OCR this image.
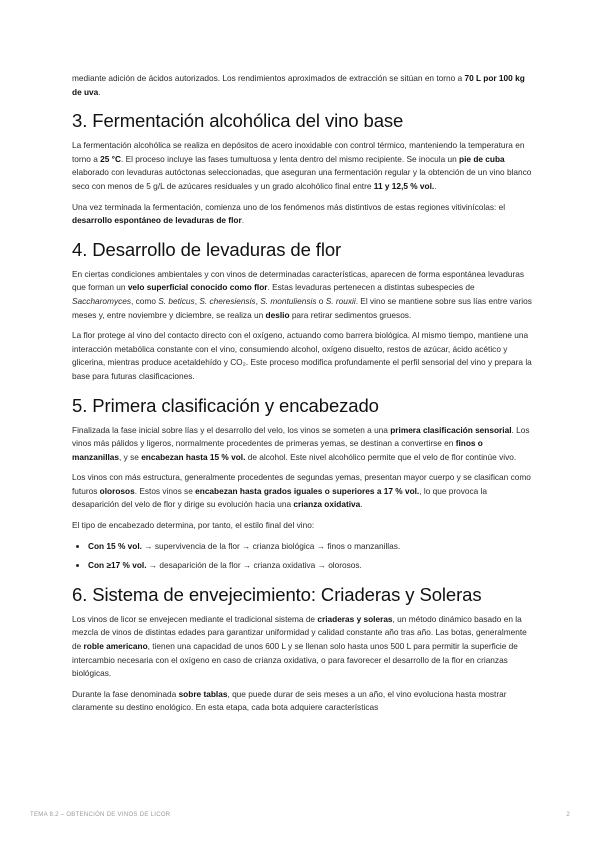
mediante adición de ácidos autorizados. Los rendimientos aproximados de extracción se sitúan en torno a 70 L por 100 kg de uva.

3. Fermentación alcohólica del vino base

La fermentación alcohólica se realiza en depósitos de acero inoxidable con control térmico, manteniendo la temperatura en torno a 25 °C. El proceso incluye las fases tumultuosa y lenta dentro del mismo recipiente. Se inocula un pie de cuba elaborado con levaduras autóctonas seleccionadas, que aseguran una fermentación regular y la obtención de un vino blanco seco con menos de 5 g/L de azúcares residuales y un grado alcohólico final entre 11 y 12,5 % vol..

Una vez terminada la fermentación, comienza uno de los fenómenos más distintivos de estas regiones vitivinícolas: el desarrollo espontáneo de levaduras de flor.

4. Desarrollo de levaduras de flor

En ciertas condiciones ambientales y con vinos de determinadas características, aparecen de forma espontánea levaduras que forman un velo superficial conocido como flor. Estas levaduras pertenecen a distintas subespecies de Saccharomyces, como S. beticus, S. cheresiensis, S. montuliensis o S. rouxii. El vino se mantiene sobre sus lías entre varios meses y, entre noviembre y diciembre, se realiza un deslio para retirar sedimentos gruesos.

La flor protege al vino del contacto directo con el oxígeno, actuando como barrera biológica. Al mismo tiempo, mantiene una interacción metabólica constante con el vino, consumiendo alcohol, oxígeno disuelto, restos de azúcar, ácido acético y glicerina, mientras produce acetaldehído y CO₂. Este proceso modifica profundamente el perfil sensorial del vino y prepara la base para futuras clasificaciones.

5. Primera clasificación y encabezado

Finalizada la fase inicial sobre lías y el desarrollo del velo, los vinos se someten a una primera clasificación sensorial. Los vinos más pálidos y ligeros, normalmente procedentes de primeras yemas, se destinan a convertirse en finos o manzanillas, y se encabezan hasta 15 % vol. de alcohol. Este nivel alcohólico permite que el velo de flor continúe vivo.

Los vinos con más estructura, generalmente procedentes de segundas yemas, presentan mayor cuerpo y se clasifican como futuros olorosos. Estos vinos se encabezan hasta grados iguales o superiores a 17 % vol., lo que provoca la desaparición del velo de flor y dirige su evolución hacia una crianza oxidativa.

El tipo de encabezado determina, por tanto, el estilo final del vino:

• Con 15 % vol. → supervivencia de la flor → crianza biológica → finos o manzanillas.
• Con ≥17 % vol. → desaparición de la flor → crianza oxidativa → olorosos.
6. Sistema de envejecimiento: Criaderas y Soleras

Los vinos de licor se envejecen mediante el tradicional sistema de criaderas y soleras, un método dinámico basado en la mezcla de vinos de distintas edades para garantizar uniformidad y calidad constante año tras año. Las botas, generalmente de roble americano, tienen una capacidad de unos 600 L y se llenan solo hasta unos 500 L para permitir la superficie de intercambio necesaria con el oxígeno en caso de crianza oxidativa, o para favorecer el desarrollo de la flor en crianzas biológicas.

Durante la fase denominada sobre tablas, que puede durar de seis meses a un año, el vino evoluciona hasta mostrar claramente su destino enológico. En esta etapa, cada bota adquiere características

TEMA 8.2 – OBTENCIÓN DE VINOS DE LICOR	2
